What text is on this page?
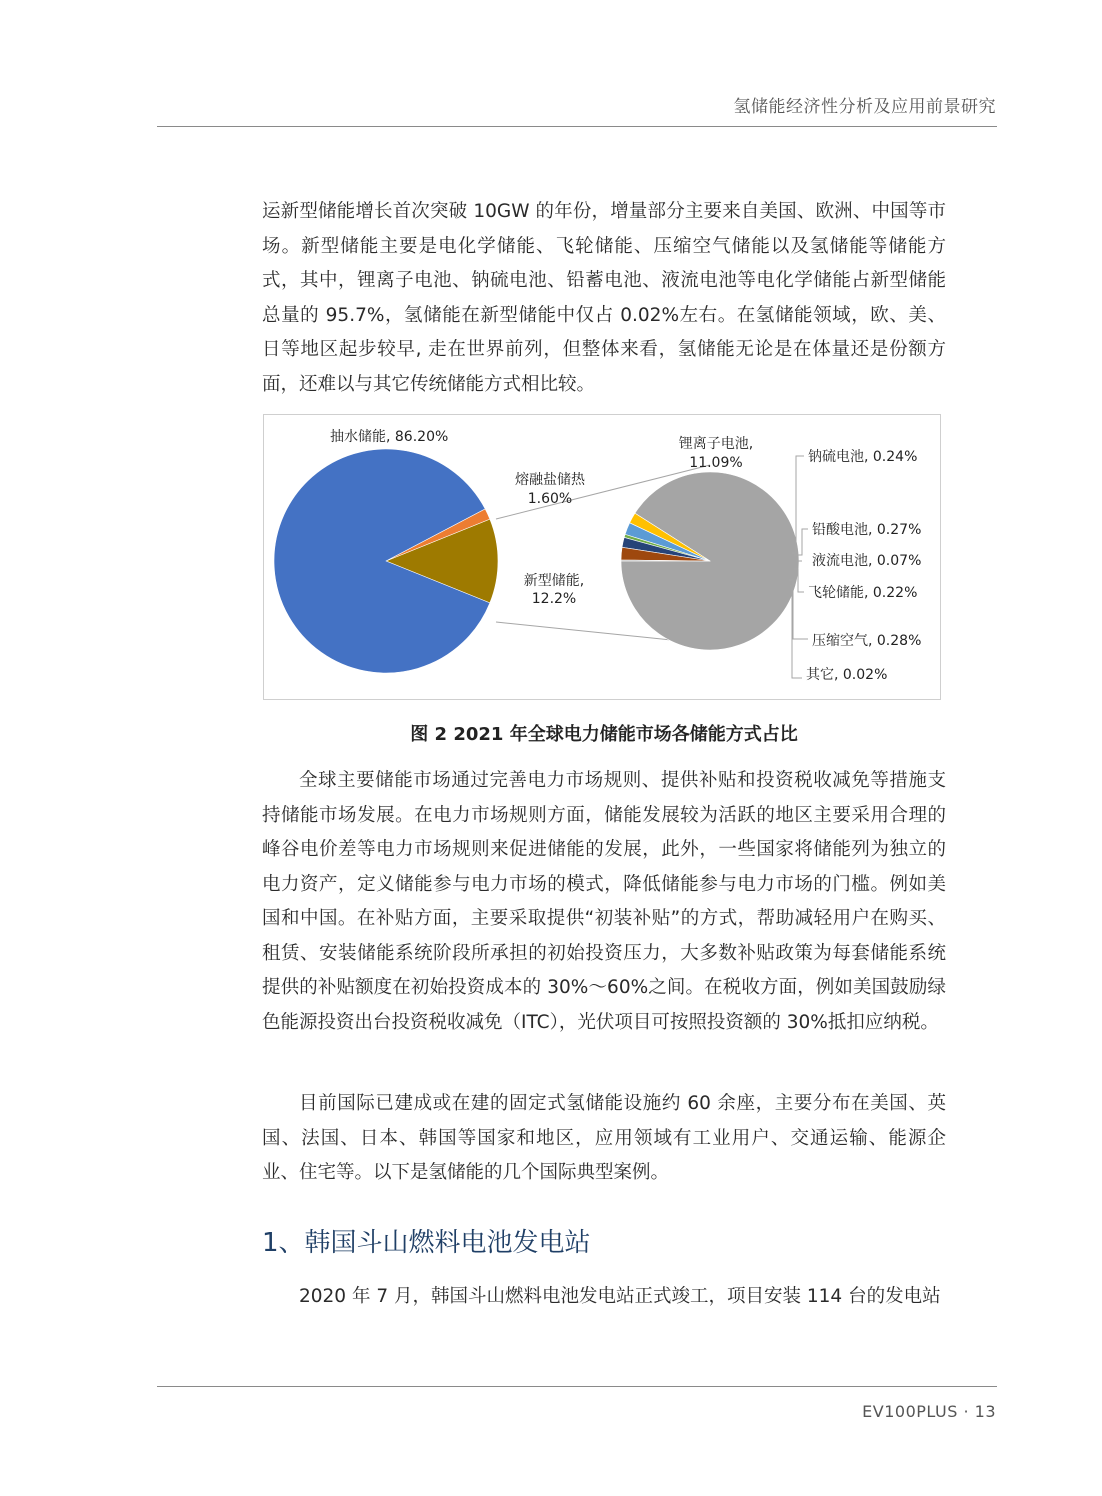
氢储能经济性分析及应用前景研究

运新型储能增长首次突破 10GW 的年份，增量部分主要来自美国、欧洲、中国等市场。新型储能主要是电化学储能、飞轮储能、压缩空气储能以及氢储能等储能方式，其中，锂离子电池、钠硫电池、铅蓄电池、液流电池等电化学储能占新型储能总量的 95.7%，氢储能在新型储能中仅占 0.02%左右。在氢储能领域，欧、美、日等地区起步较早, 走在世界前列，但整体来看，氢储能无论是在体量还是份额方面，还难以与其它传统储能方式相比较。

抽水储能, 86.20%
熔融盐储热
1.60%
新型储能,
12.2%
锂离子电池,
11.09%	钠硫电池, 0.24%
铅酸电池, 0.27%
液流电池, 0.07%
飞轮储能, 0.22%
压缩空气, 0.28%
其它, 0.02%
图 2 2021 年全球电力储能市场各储能方式占比

全球主要储能市场通过完善电力市场规则、提供补贴和投资税收减免等措施支持储能市场发展。在电力市场规则方面，储能发展较为活跃的地区主要采用合理的峰谷电价差等电力市场规则来促进储能的发展，此外，一些国家将储能列为独立的电力资产，定义储能参与电力市场的模式，降低储能参与电力市场的门槛。例如美国和中国。在补贴方面，主要采取提供“初装补贴”的方式，帮助减轻用户在购买、租赁、安装储能系统阶段所承担的初始投资压力，大多数补贴政策为每套储能系统提供的补贴额度在初始投资成本的 30%～60%之间。在税收方面，例如美国鼓励绿色能源投资出台投资税收减免（ITC），光伏项目可按照投资额的 30%抵扣应纳税。

目前国际已建成或在建的固定式氢储能设施约 60 余座，主要分布在美国、英国、法国、日本、韩国等国家和地区，应用领域有工业用户、交通运输、能源企业、住宅等。以下是氢储能的几个国际典型案例。

1、韩国斗山燃料电池发电站

2020 年 7 月，韩国斗山燃料电池发电站正式竣工，项目安装 114 台的发电站

EV100PLUS · 13
